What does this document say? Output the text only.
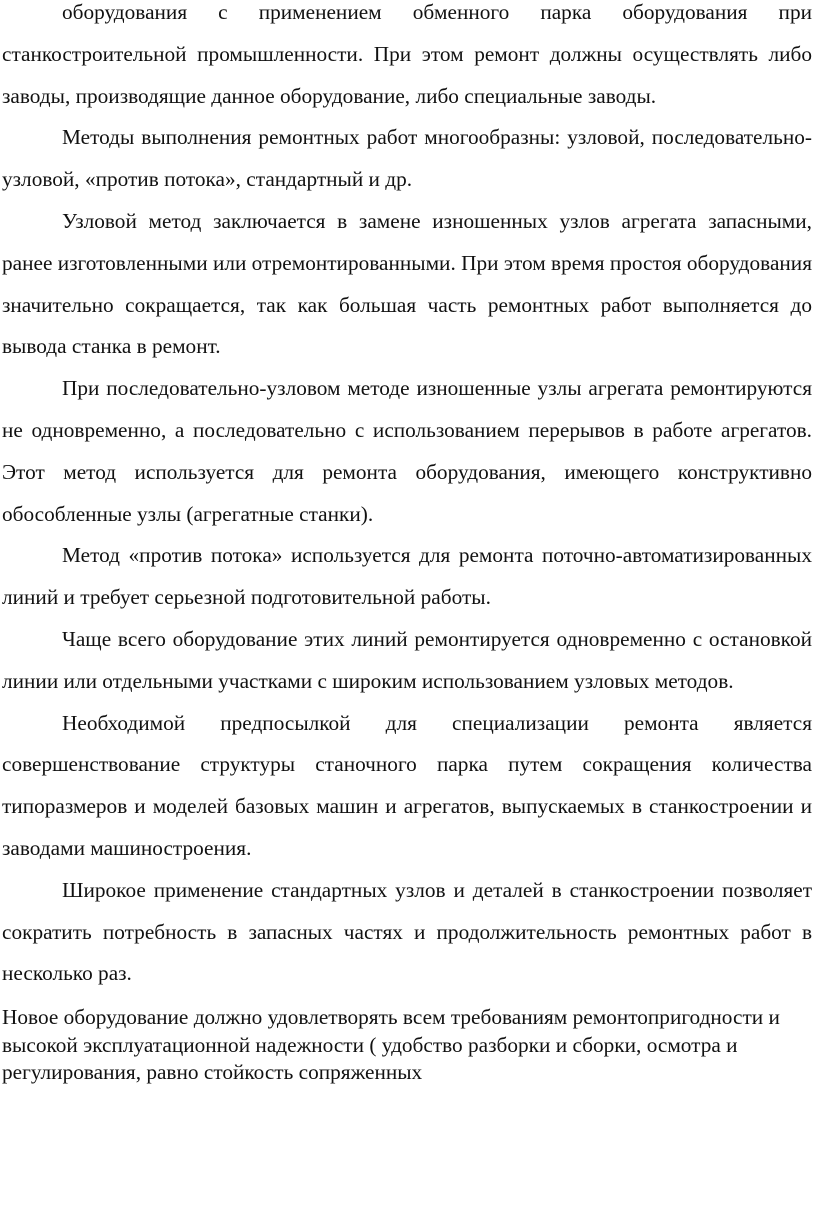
оборудования с применением обменного парка оборудования при станкостроительной промышленности. При этом ремонт должны осуществлять либо заводы, производящие данное оборудование, либо специальные заводы.

Методы выполнения ремонтных работ многообразны: узловой, последовательно-узловой, «против потока», стандартный и др.

Узловой метод заключается в замене изношенных узлов агрегата запасными, ранее изготовленными или отремонтированными. При этом время простоя оборудования значительно сокращается, так как большая часть ремонтных работ выполняется до вывода станка в ремонт.

При последовательно-узловом методе изношенные узлы агрегата ремонтируются не одновременно, а последовательно с использованием перерывов в работе агрегатов. Этот метод используется для ремонта оборудования, имеющего конструктивно обособленные узлы (агрегатные станки).

Метод «против потока» используется для ремонта поточно-автоматизированных линий и требует серьезной подготовительной работы.

Чаще всего оборудование этих линий ремонтируется одновременно с остановкой линии или отдельными участками с широким использованием узловых методов.

Необходимой предпосылкой для специализации ремонта является совершенствование структуры станочного парка путем сокращения количества типоразмеров и моделей базовых машин и агрегатов, выпускаемых в станкостроении и заводами машиностроения.

Широкое применение стандартных узлов и деталей в станкостроении позволяет сократить потребность в запасных частях и продолжительность ремонтных работ в несколько раз.

Новое оборудование должно удовлетворять всем требованиям ремонтопригодности и высокой эксплуатационной надежности ( удобство разборки и сборки, осмотра и регулирования, равно стойкость сопряженных
